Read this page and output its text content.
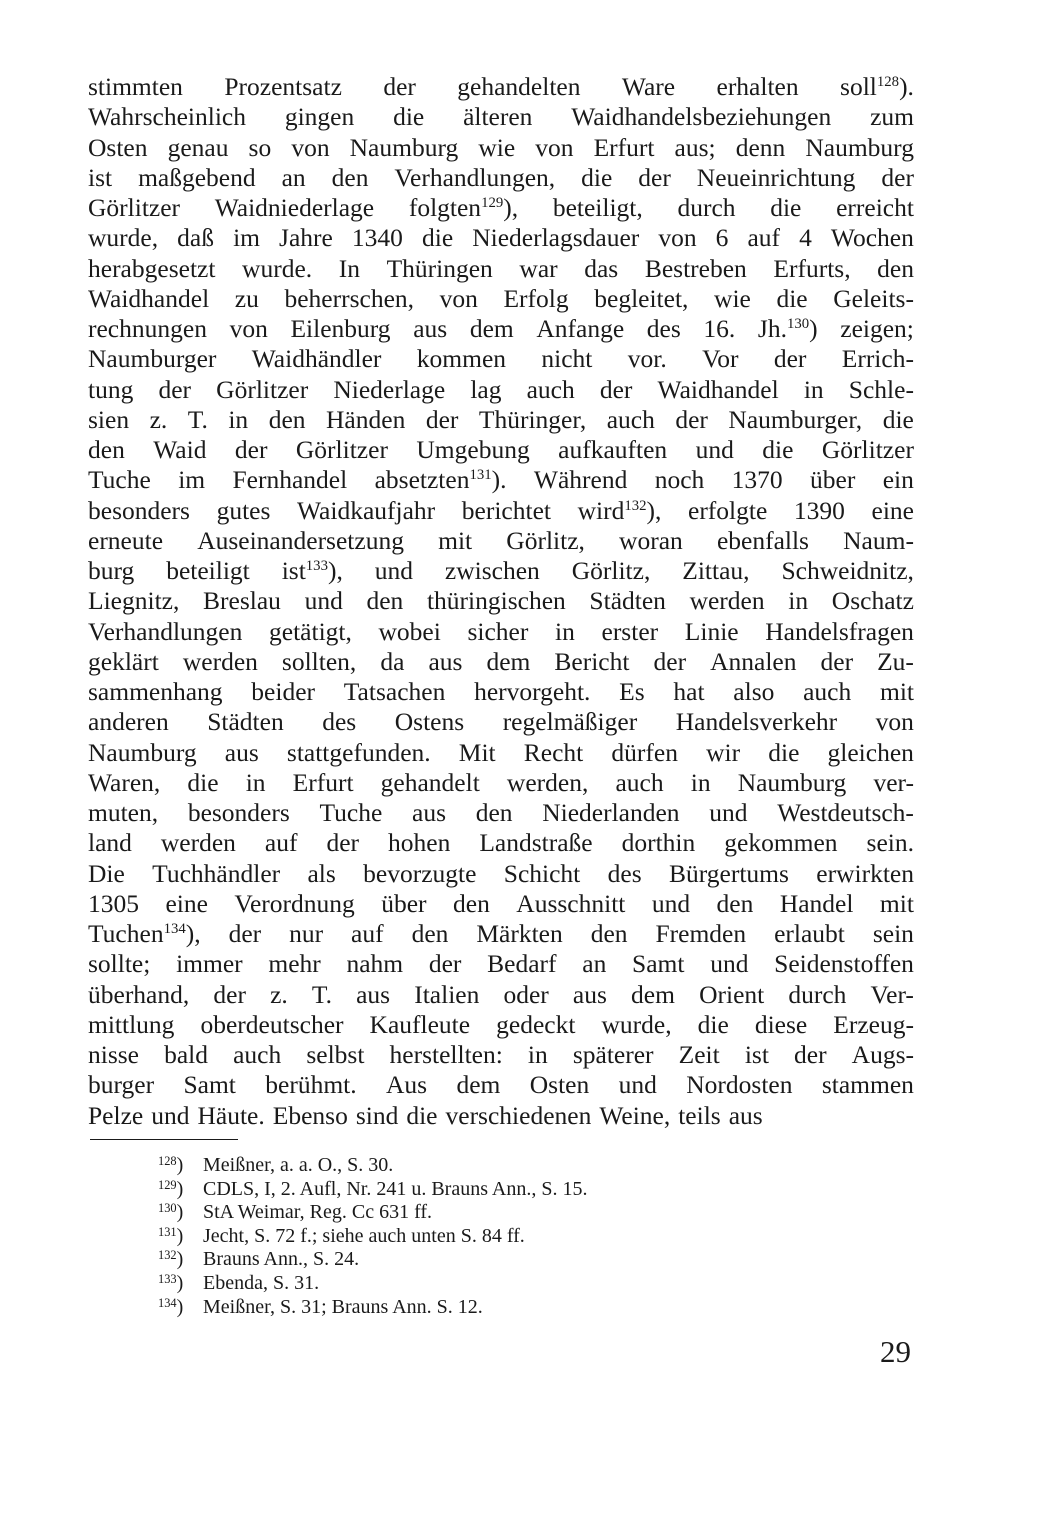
stimmten Prozentsatz der gehandelten Ware erhalten soll$^{128}$).
Wahrscheinlich gingen die älteren Waidhandelsbeziehungen zum
Osten genau so von Naumburg wie von Erfurt aus; denn Naumburg
ist maßgebend an den Verhandlungen, die der Neueinrichtung der
Görlitzer Waidniederlage folgten$^{129}$), beteiligt, durch die erreicht
wurde, daß im Jahre 1340 die Niederlagsdauer von 6 auf 4 Wochen
herabgesetzt wurde. In Thüringen war das Bestreben Erfurts, den
Waidhandel zu beherrschen, von Erfolg begleitet, wie die Geleits-
rechnungen von Eilenburg aus dem Anfange des 16. Jh.$^{130}$) zeigen;
Naumburger Waidhändler kommen nicht vor. Vor der Errich-
tung der Görlitzer Niederlage lag auch der Waidhandel in Schle-
sien z. T. in den Händen der Thüringer, auch der Naumburger, die
den Waid der Görlitzer Umgebung aufkauften und die Görlitzer
Tuche im Fernhandel absetzten$^{131}$). Während noch 1370 über ein
besonders gutes Waidkaufjahr berichtet wird$^{132}$), erfolgte 1390 eine
erneute Auseinandersetzung mit Görlitz, woran ebenfalls Naum-
burg beteiligt ist$^{133}$), und zwischen Görlitz, Zittau, Schweidnitz,
Liegnitz, Breslau und den thüringischen Städten werden in Oschatz
Verhandlungen getätigt, wobei sicher in erster Linie Handelsfragen
geklärt werden sollten, da aus dem Bericht der Annalen der Zu-
sammenhang beider Tatsachen hervorgeht. Es hat also auch mit
anderen Städten des Ostens regelmäßiger Handelsverkehr von
Naumburg aus stattgefunden. Mit Recht dürfen wir die gleichen
Waren, die in Erfurt gehandelt werden, auch in Naumburg ver-
muten, besonders Tuche aus den Niederlanden und Westdeutsch-
land werden auf der hohen Landstraße dorthin gekommen sein.
Die Tuchhändler als bevorzugte Schicht des Bürgertums erwirkten
1305 eine Verordnung über den Ausschnitt und den Handel mit
Tuchen$^{134}$), der nur auf den Märkten den Fremden erlaubt sein
sollte; immer mehr nahm der Bedarf an Samt und Seidenstoffen
überhand, der z. T. aus Italien oder aus dem Orient durch Ver-
mittlung oberdeutscher Kaufleute gedeckt wurde, die diese Erzeug-
nisse bald auch selbst herstellten: in späterer Zeit ist der Augs-
burger Samt berühmt. Aus dem Osten und Nordosten stammen
Pelze und Häute. Ebenso sind die verschiedenen Weine, teils aus
$^{128}$) Meißner, a. a. O., S. 30.
$^{129}$) CDLS, I, 2. Aufl, Nr. 241 u. Brauns Ann., S. 15.
$^{130}$) StA Weimar, Reg. Cc 631 ff.
$^{131}$) Jecht, S. 72 f.; siehe auch unten S. 84 ff.
$^{132}$) Brauns Ann., S. 24.
$^{133}$) Ebenda, S. 31.
$^{134}$) Meißner, S. 31; Brauns Ann. S. 12.
29
